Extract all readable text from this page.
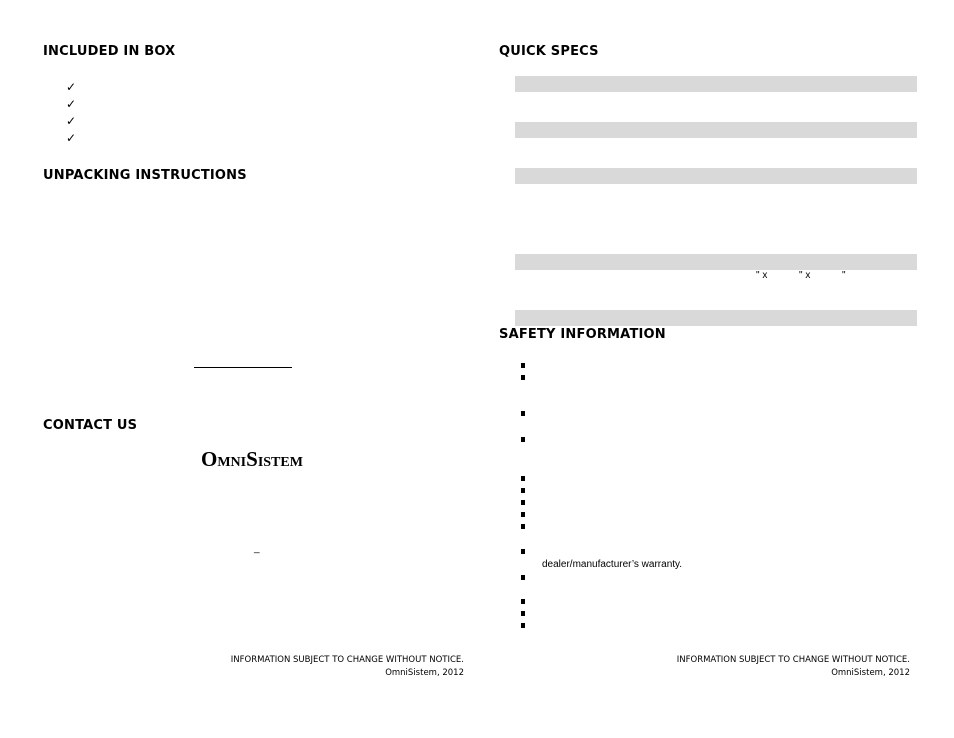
INCLUDED IN BOX
✓
✓
✓
✓
UNPACKING INSTRUCTIONS
CONTACT US
OMNISISTEM
_
INFORMATION SUBJECT TO CHANGE WITHOUT NOTICE.
OmniSistem, 2012
QUICK SPECS
" x	" x	"
SAFETY INFORMATION
dealer/manufacturer’s warranty.
INFORMATION SUBJECT TO CHANGE WITHOUT NOTICE.
OmniSistem, 2012
